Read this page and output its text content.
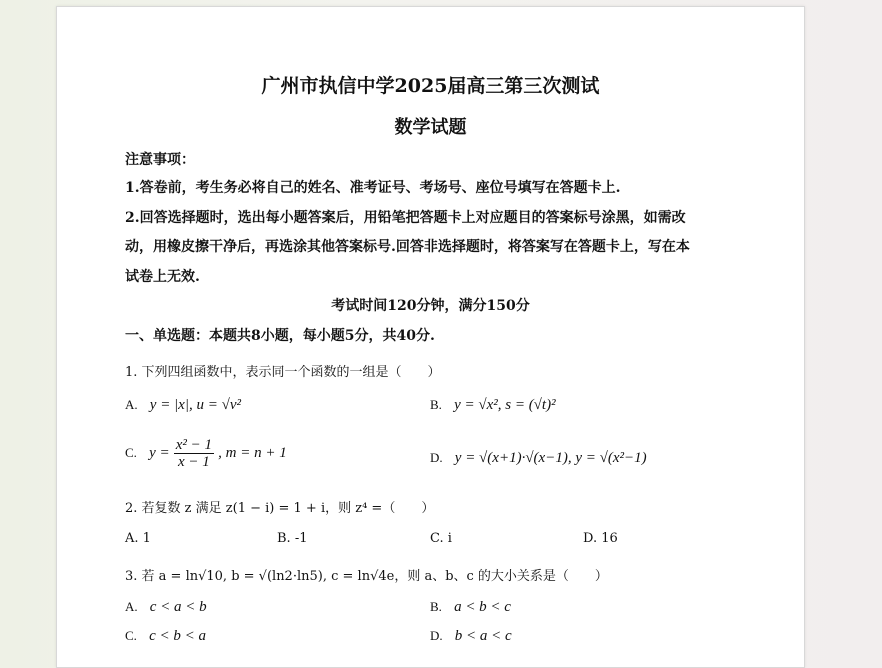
广州市执信中学2025届高三第三次测试
数学试题
注意事项：
1.答卷前，考生务必将自己的姓名、准考证号、考场号、座位号填写在答题卡上.
2.回答选择题时，选出每小题答案后，用铅笔把答题卡上对应题目的答案标号涂黑，如需改
动，用橡皮擦干净后，再选涂其他答案标号.回答非选择题时，将答案写在答题卡上，写在本
试卷上无效.
考试时间120分钟，满分150分
一、单选题：本题共8小题，每小题5分，共40分.
1. 下列四组函数中，表示同一个函数的一组是（　　）
A. y = |x|, u = √v²	B. y = √x², s = (√t)²
C. $y = \frac{\text{x² − 1}}{x - 1}$ , m = n + 1	D. y = √(x+1)·√(x−1), y = √(x²−1)
2. 若复数 z 满足 z(1 − i) = 1 + i，则 z⁴ =（　　）
A. 1	B. -1	C. i	D. 16
3. 若 a = ln√10, b = √(ln2·ln5), c = ln√4e，则 a、b、c 的大小关系是（　　）
A. c < a < b	B. a < b < c
C. c < b < a	D. b < a < c
